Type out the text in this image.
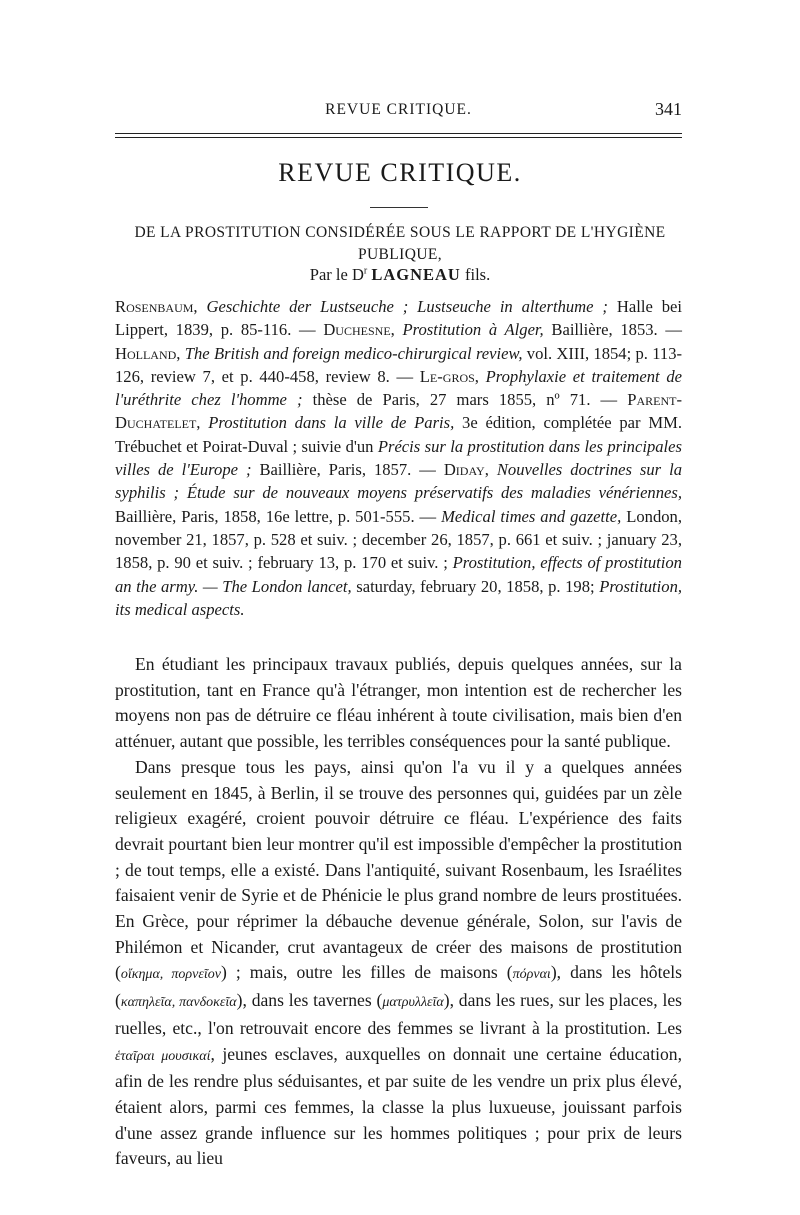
REVUE CRITIQUE.	341
REVUE CRITIQUE.
DE LA PROSTITUTION CONSIDÉRÉE SOUS LE RAPPORT DE L'HYGIÈNE PUBLIQUE,
Par le $D^r$ LAGNEAU fils.
Rosenbaum, Geschichte der Lustseuche ; Lustseuche in alterthume ; Halle bei Lippert, 1839, p. 85-116. — Duchesne, Prostitution à Alger, Baillière, 1853. — Holland, The British and foreign medico-chirurgical review, vol. XIII, 1854; p. 113-126, review 7, et p. 440-458, review 8. — Le-gros, Prophylaxie et traitement de l'uréthrite chez l'homme ; thèse de Paris, 27 mars 1855, nº 71. — Parent-Duchatelet, Prostitution dans la ville de Paris, 3e édition, complétée par MM. Trébuchet et Poirat-Duval ; suivie d'un Précis sur la prostitution dans les principales villes de l'Europe ; Baillière, Paris, 1857. — Diday, Nouvelles doctrines sur la syphilis ; Étude sur de nouveaux moyens préservatifs des maladies vénériennes, Baillière, Paris, 1858, 16e lettre, p. 501-555. — Medical times and gazette, London, november 21, 1857, p. 528 et suiv. ; december 26, 1857, p. 661 et suiv. ; january 23, 1858, p. 90 et suiv. ; february 13, p. 170 et suiv. ; Prostitution, effects of prostitution an the army. — The London lancet, saturday, february 20, 1858, p. 198; Prostitution, its medical aspects.

En étudiant les principaux travaux publiés, depuis quelques années, sur la prostitution, tant en France qu'à l'étranger, mon intention est de rechercher les moyens non pas de détruire ce fléau inhérent à toute civilisation, mais bien d'en atténuer, autant que possible, les terribles conséquences pour la santé publique.

Dans presque tous les pays, ainsi qu'on l'a vu il y a quelques années seulement en 1845, à Berlin, il se trouve des personnes qui, guidées par un zèle religieux exagéré, croient pouvoir détruire ce fléau. L'expérience des faits devrait pourtant bien leur montrer qu'il est impossible d'empêcher la prostitution ; de tout temps, elle a existé. Dans l'antiquité, suivant Rosenbaum, les Israélites faisaient venir de Syrie et de Phénicie le plus grand nombre de leurs prostituées. En Grèce, pour réprimer la débauche devenue générale, Solon, sur l'avis de Philémon et Nicander, crut avantageux de créer des maisons de prostitution (οἴκημα, πορνεῖον) ; mais, outre les filles de maisons (πόρναι), dans les hôtels (καπηλεῖα, πανδοκεῖα), dans les tavernes (ματρυλλεῖα), dans les rues, sur les places, les ruelles, etc., l'on retrouvait encore des femmes se livrant à la prostitution. Les ἑταῖραι μουσικαί, jeunes esclaves, auxquelles on donnait une certaine éducation, afin de les rendre plus séduisantes, et par suite de les vendre un prix plus élevé, étaient alors, parmi ces femmes, la classe la plus luxueuse, jouissant parfois d'une assez grande influence sur les hommes politiques ; pour prix de leurs faveurs, au lieu
